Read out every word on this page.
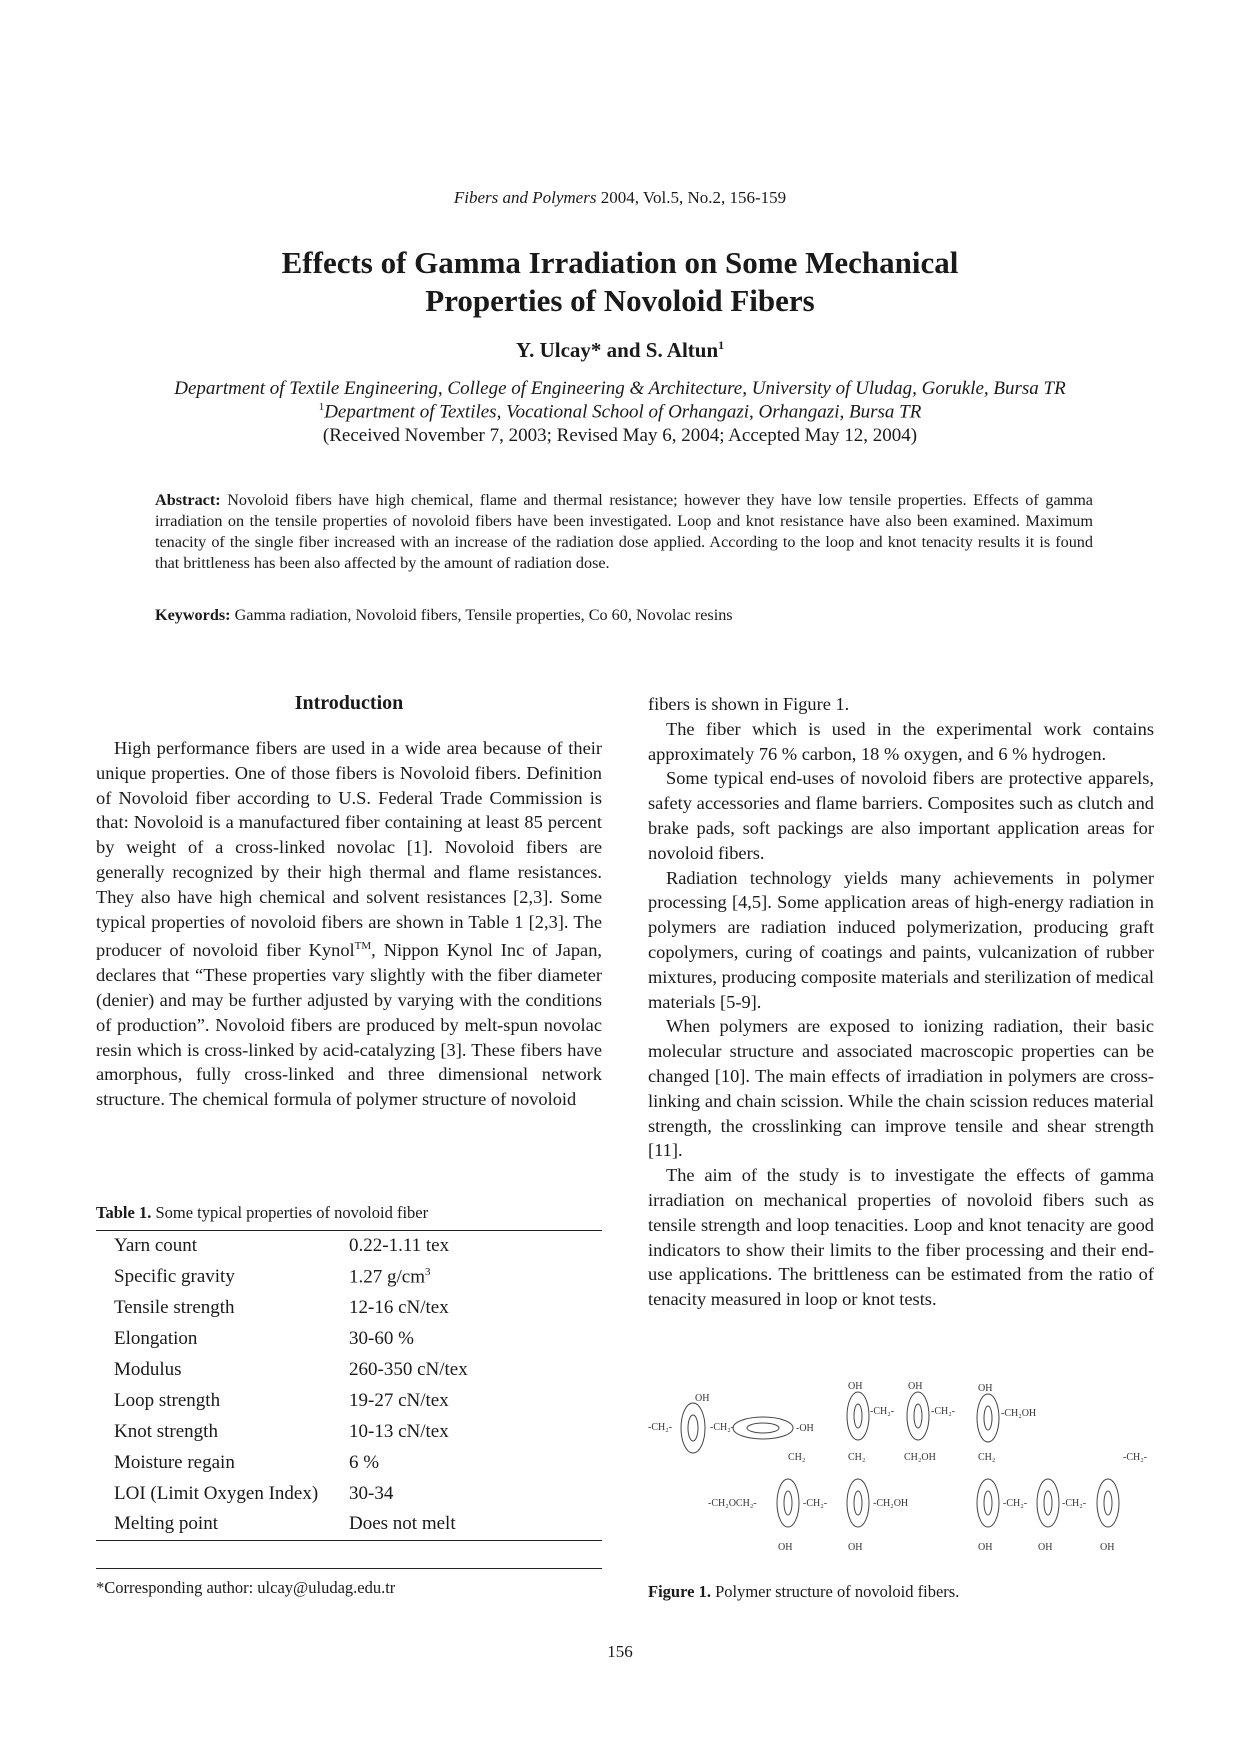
Fibers and Polymers 2004, Vol.5, No.2, 156-159
Effects of Gamma Irradiation on Some Mechanical
Properties of Novoloid Fibers
Y. Ulcay* and S. Altun$^1$
Department of Textile Engineering, College of Engineering & Architecture, University of Uludag, Gorukle, Bursa TR
$^1$Department of Textiles, Vocational School of Orhangazi, Orhangazi, Bursa TR
(Received November 7, 2003; Revised May 6, 2004; Accepted May 12, 2004)
Abstract: Novoloid fibers have high chemical, flame and thermal resistance; however they have low tensile properties. Effects of gamma irradiation on the tensile properties of novoloid fibers have been investigated. Loop and knot resistance have also been examined. Maximum tenacity of the single fiber increased with an increase of the radiation dose applied. According to the loop and knot tenacity results it is found that brittleness has been also affected by the amount of radiation dose.
Keywords: Gamma radiation, Novoloid fibers, Tensile properties, Co 60, Novolac resins
Introduction

High performance fibers are used in a wide area because of their unique properties. One of those fibers is Novoloid fibers. Definition of Novoloid fiber according to U.S. Federal Trade Commission is that: Novoloid is a manufactured fiber containing at least 85 percent by weight of a cross-linked novolac [1]. Novoloid fibers are generally recognized by their high thermal and flame resistances. They also have high chemical and solvent resistances [2,3]. Some typical properties of novoloid fibers are shown in Table 1 [2,3]. The producer of novoloid fiber Kynol™, Nippon Kynol Inc of Japan, declares that “These properties vary slightly with the fiber diameter (denier) and may be further adjusted by varying with the conditions of production”. Novoloid fibers are produced by melt-spun novolac resin which is cross-linked by acid-catalyzing [3]. These fibers have amorphous, fully cross-linked and three dimensional network structure. The chemical formula of polymer structure of novoloid

Table 1. Some typical properties of novoloid fiber
Yarn count	0.22-1.11 tex
Specific gravity	1.27 $g/cm^3$
Tensile strength	12-16 cN/tex
Elongation	30-60 %
Modulus	260-350 cN/tex
Loop strength	19-27 cN/tex
Knot strength	10-13 cN/tex
Moisture regain	6 %
LOI (Limit Oxygen Index)	30-34
Melting point	Does not melt
*Corresponding author: ulcay@uludag.edu.tr

fibers is shown in Figure 1.

The fiber which is used in the experimental work contains approximately 76 % carbon, 18 % oxygen, and 6 % hydrogen.

Some typical end-uses of novoloid fibers are protective apparels, safety accessories and flame barriers. Composites such as clutch and brake pads, soft packings are also important application areas for novoloid fibers.

Radiation technology yields many achievements in polymer processing [4,5]. Some application areas of high-energy radiation in polymers are radiation induced polymerization, producing graft copolymers, curing of coatings and paints, vulcanization of rubber mixtures, producing composite materials and sterilization of medical materials [5-9].

When polymers are exposed to ionizing radiation, their basic molecular structure and associated macroscopic properties can be changed [10]. The main effects of irradiation in polymers are cross-linking and chain scission. While the chain scission reduces material strength, the crosslinking can improve tensile and shear strength [11].

The aim of the study is to investigate the effects of gamma irradiation on mechanical properties of novoloid fibers such as tensile strength and loop tenacities. Loop and knot tenacity are good indicators to show their limits to the fiber processing and their end-use applications. The brittleness can be estimated from the ratio of tenacity measured in loop or knot tests.

-CH₂-
OH
-CH₂-	-OH
OH
-CH₂-
OH
-CH₂-
OH
-CH₂OH
CH₂	CH₂	CH₂OH	CH₂	-CH₂-
-CH₂OCH₂-	-CH₂-	-CH₂OH	-CH₂-	-CH₂-
OH	OH	OH	OH	OH
Figure 1. Polymer structure of novoloid fibers.
156
